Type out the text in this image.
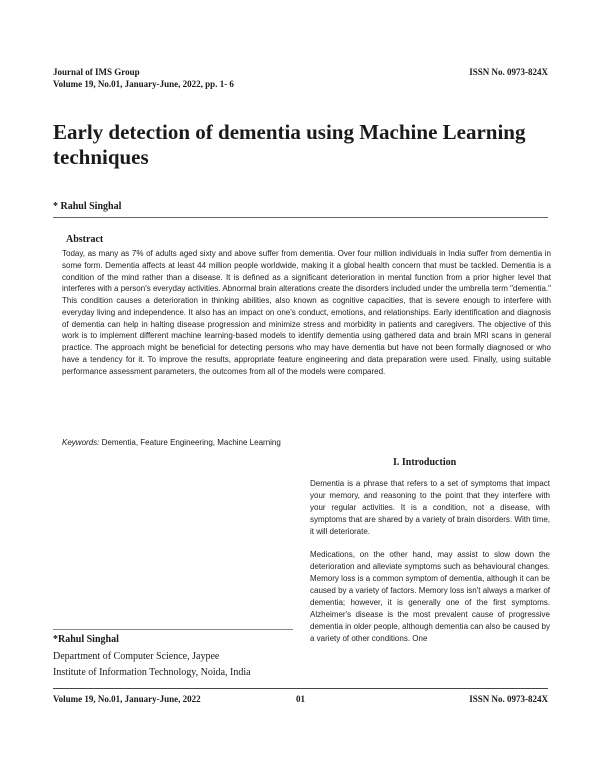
Journal of IMS Group
Volume 19, No.01, January-June, 2022, pp. 1- 6
ISSN No. 0973-824X
Early detection of dementia using Machine Learning techniques
* Rahul Singhal
Abstract

Today, as many as 7% of adults aged sixty and above suffer from dementia. Over four million individuals in India suffer from dementia in some form. Dementia affects at least 44 million people worldwide, making it a global health concern that must be tackled. Dementia is a condition of the mind rather than a disease. It is defined as a significant deterioration in mental function from a prior higher level that interferes with a person's everyday activities. Abnormal brain alterations create the disorders included under the umbrella term "dementia." This condition causes a deterioration in thinking abilities, also known as cognitive capacities, that is severe enough to interfere with everyday living and independence. It also has an impact on one's conduct, emotions, and relationships. Early identification and diagnosis of dementia can help in halting disease progression and minimize stress and morbidity in patients and caregivers. The objective of this work is to implement different machine learning-based models to identify dementia using gathered data and brain MRI scans in general practice. The approach might be beneficial for detecting persons who may have dementia but have not been formally diagnosed or who have a tendency for it. To improve the results, appropriate feature engineering and data preparation were used. Finally, using suitable performance assessment parameters, the outcomes from all of the models were compared.

Keywords: Dementia, Feature Engineering, Machine Learning
I. Introduction

Dementia is a phrase that refers to a set of symptoms that impact your memory, and reasoning to the point that they interfere with your regular activities. It is a condition, not a disease, with symptoms that are shared by a variety of brain disorders. With time, it will deteriorate.

Medications, on the other hand, may assist to slow down the deterioration and alleviate symptoms such as behavioural changes. Memory loss is a common symptom of dementia, although it can be caused by a variety of factors. Memory loss isn't always a marker of dementia; however, it is generally one of the first symptoms. Alzheimer's disease is the most prevalent cause of progressive dementia in older people, although dementia can also be caused by a variety of other conditions. One

*Rahul Singhal
Department of Computer Science, Jaypee
Institute of Information Technology, Noida, India
Volume 19, No.01, January-June, 2022	01	ISSN No. 0973-824X
